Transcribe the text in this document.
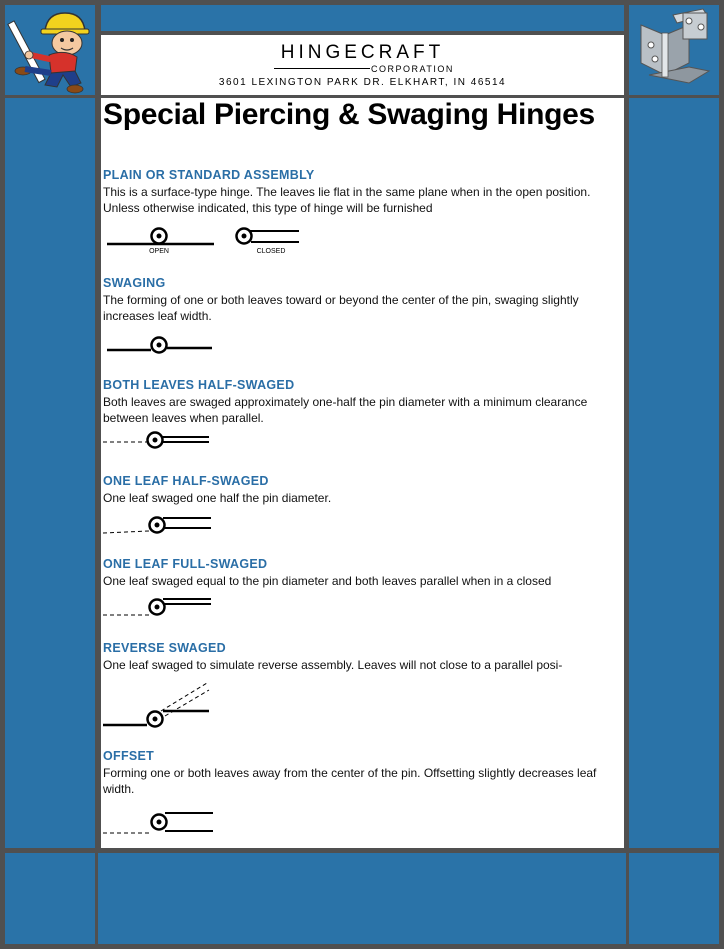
HINGECRAFT
CORPORATION
3601 LEXINGTON PARK DR. ELKHART, IN 46514
Special Piercing & Swaging Hinges
PLAIN OR STANDARD ASSEMBLY

This is a surface-type hinge. The leaves lie flat in the same plane when in the open position. Unless otherwise indicated, this type of hinge will be furnished

OPEN	CLOSED
SWAGING

The forming of one or both leaves toward or beyond the center of the pin, swaging slightly increases leaf width.

BOTH LEAVES HALF-SWAGED

Both leaves are swaged approximately one-half the pin diameter with a minimum clearance between leaves when parallel.

ONE LEAF HALF-SWAGED

One leaf swaged one half the pin diameter.

ONE LEAF FULL-SWAGED

One leaf swaged equal to the pin diameter and both leaves parallel when in a closed

REVERSE SWAGED

One leaf swaged to simulate reverse assembly. Leaves will not close to a parallel posi-

OFFSET

Forming one or both leaves away from the center of the pin. Offsetting slightly decreases leaf width.
